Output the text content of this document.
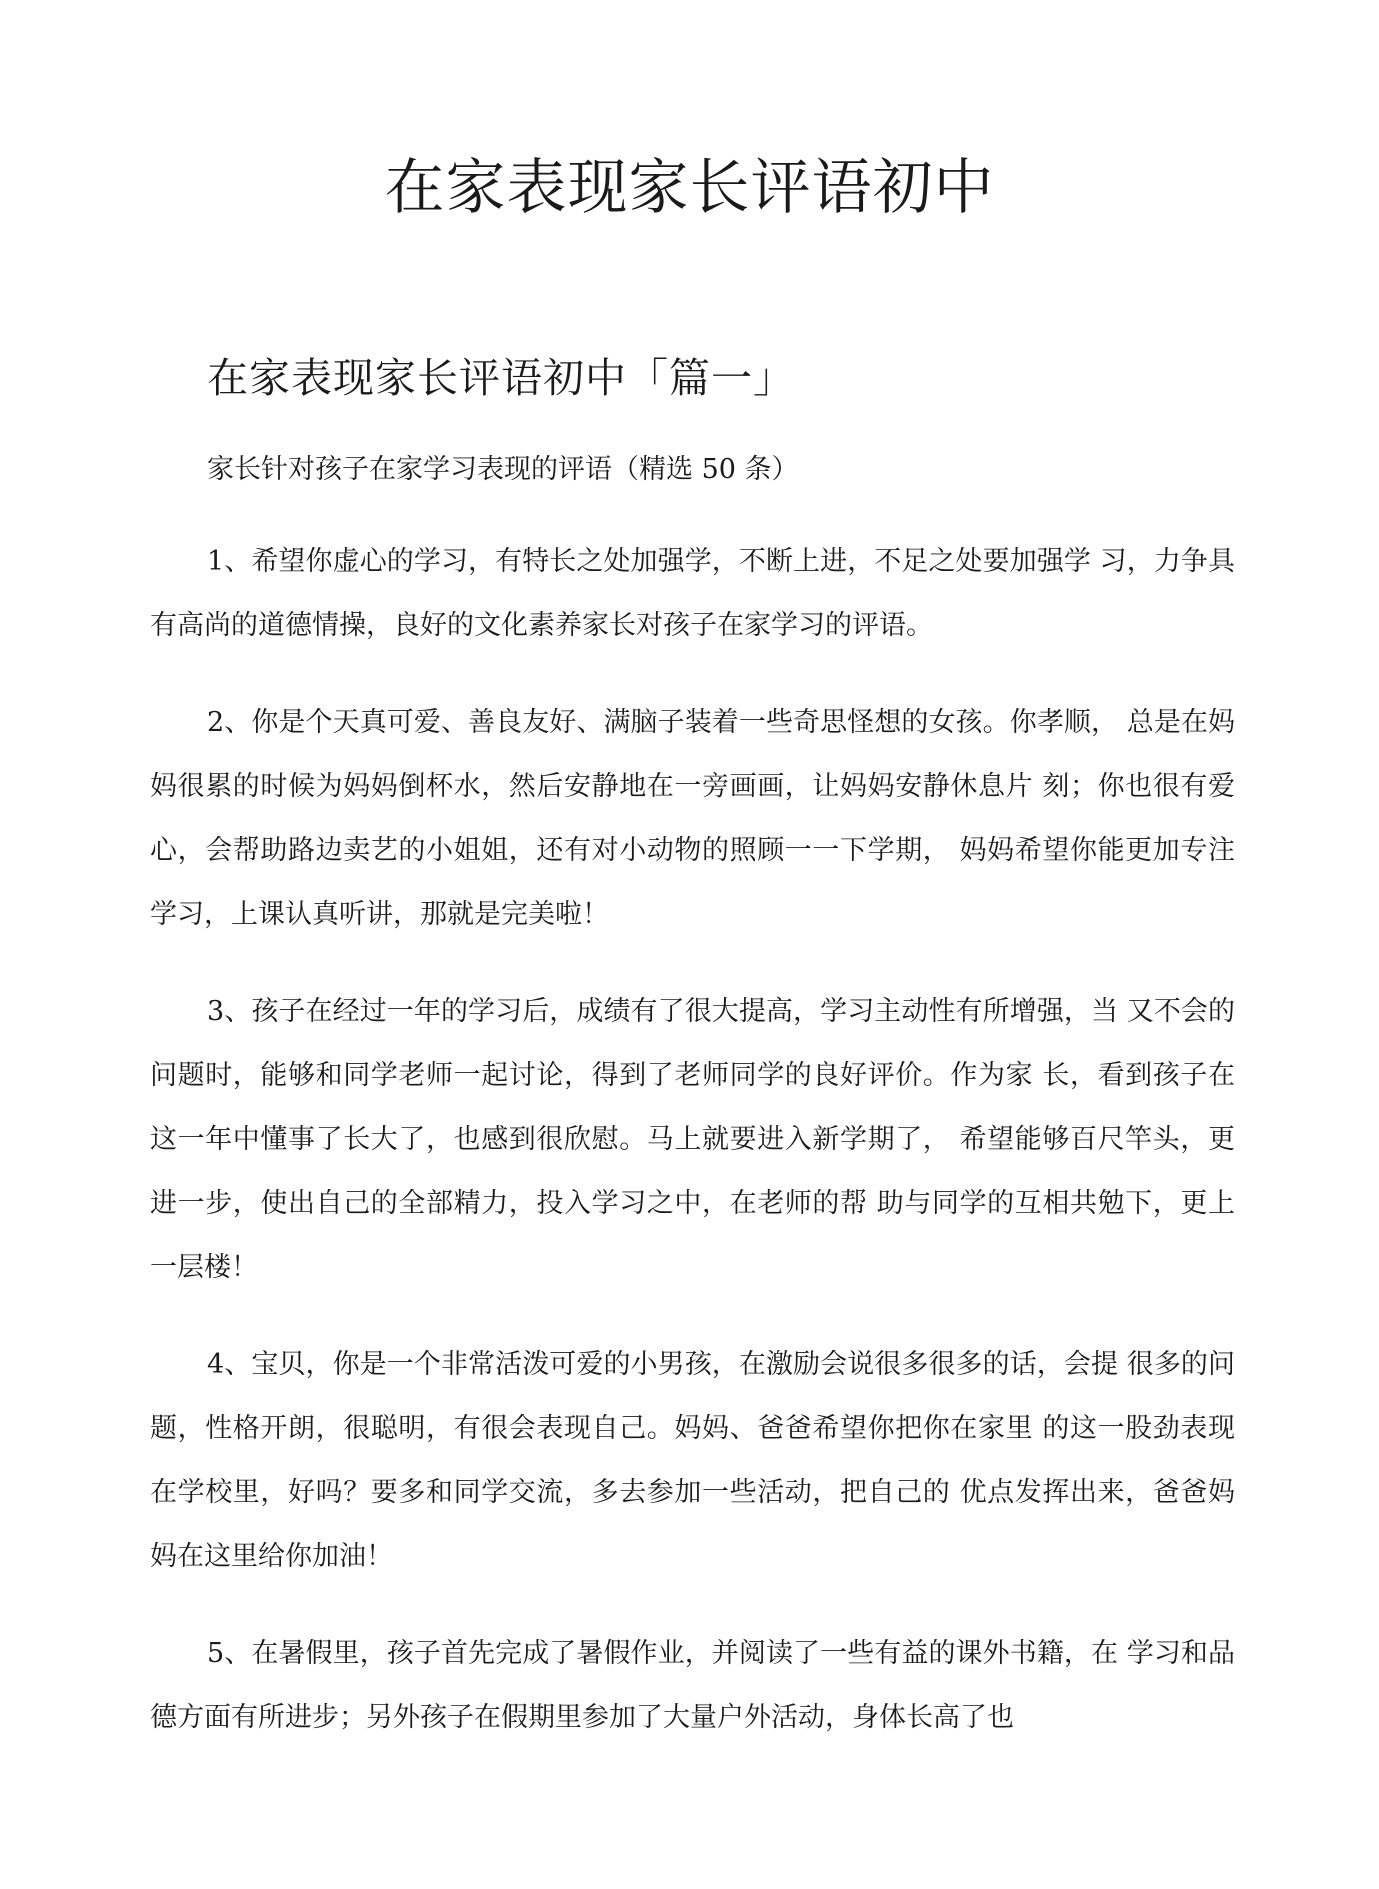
在家表现家长评语初中
在家表现家长评语初中「篇一」

家长针对孩子在家学习表现的评语（精选 50 条）

1、希望你虚心的学习，有特长之处加强学，不断上进，不足之处要加强学 习，力争具有高尚的道德情操，良好的文化素养家长对孩子在家学习的评语。

2、你是个天真可爱、善良友好、满脑子装着一些奇思怪想的女孩。你孝顺， 总是在妈妈很累的时候为妈妈倒杯水，然后安静地在一旁画画，让妈妈安静休息片 刻；你也很有爱心，会帮助路边卖艺的小姐姐，还有对小动物的照顾一一下学期， 妈妈希望你能更加专注学习，上课认真听讲，那就是完美啦！

3、孩子在经过一年的学习后，成绩有了很大提高，学习主动性有所增强，当 又不会的问题时，能够和同学老师一起讨论，得到了老师同学的良好评价。作为家 长，看到孩子在这一年中懂事了长大了，也感到很欣慰。马上就要进入新学期了， 希望能够百尺竿头，更进一步，使出自己的全部精力，投入学习之中，在老师的帮 助与同学的互相共勉下，更上一层楼！

4、宝贝，你是一个非常活泼可爱的小男孩，在激励会说很多很多的话，会提 很多的问题，性格开朗，很聪明，有很会表现自己。妈妈、爸爸希望你把你在家里 的这一股劲表现在学校里，好吗？要多和同学交流，多去参加一些活动，把自己的 优点发挥出来，爸爸妈妈在这里给你加油！

5、在暑假里，孩子首先完成了暑假作业，并阅读了一些有益的课外书籍，在 学习和品德方面有所进步；另外孩子在假期里参加了大量户外活动，身体长高了也
